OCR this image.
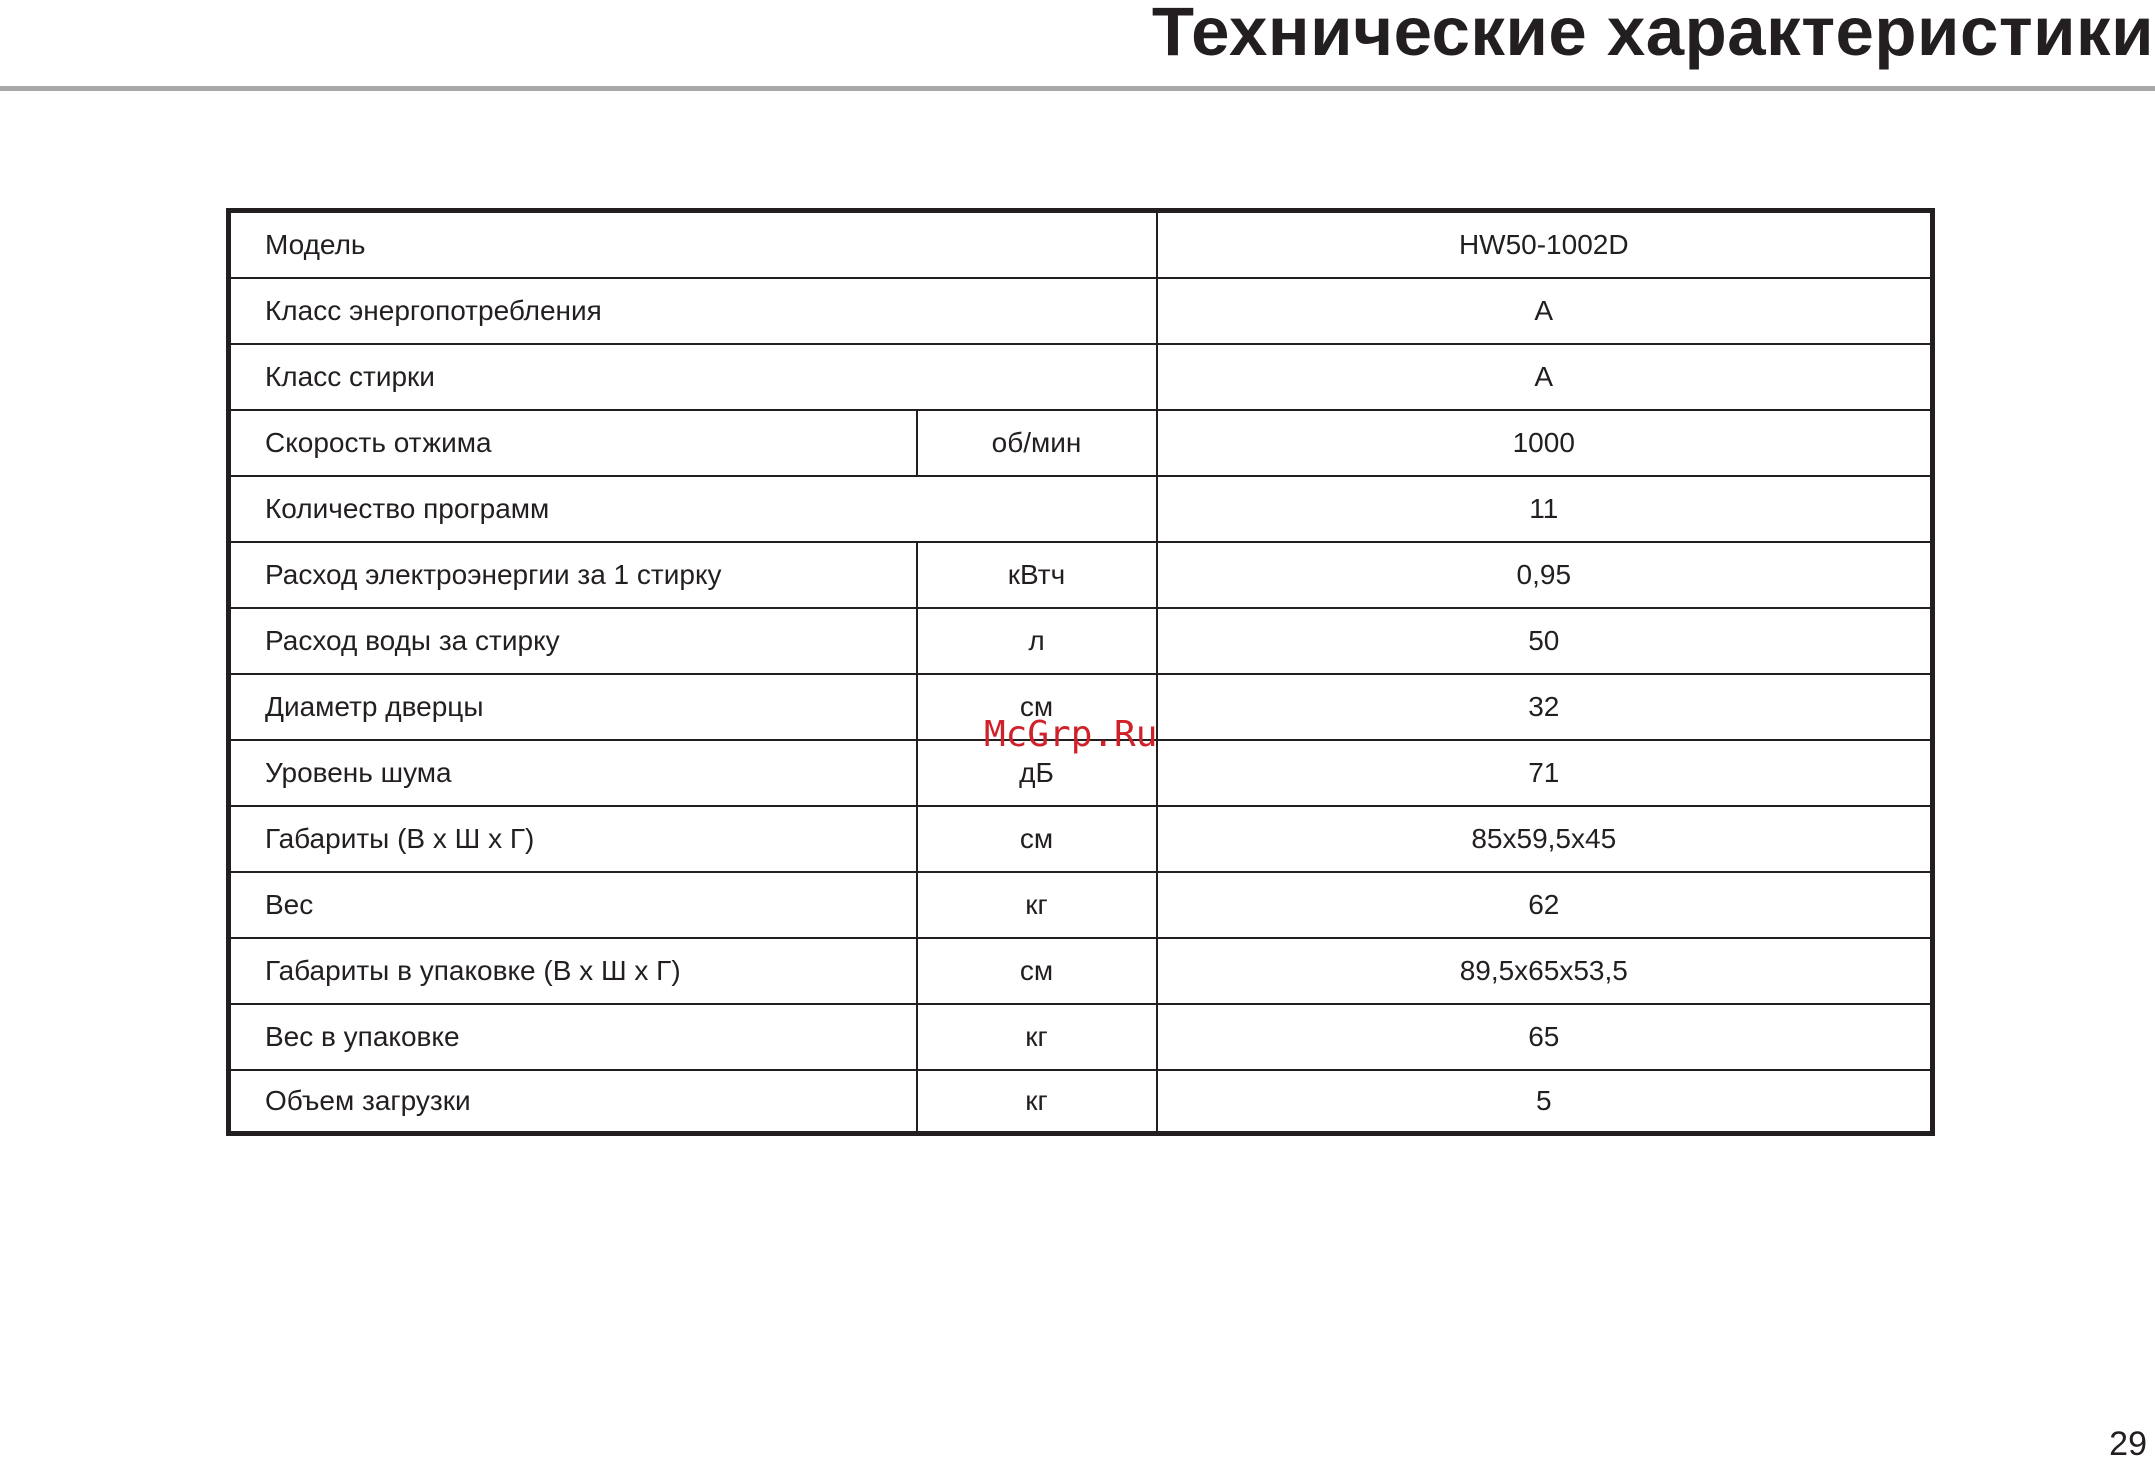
Технические характеристики
Модель		HW50-1002D
Класс энергопотребления		A
Класс стирки		A
Скорость отжима	об/мин	1000
Количество программ		11
Расход электроэнергии за 1 стирку	кВтч	0,95
Расход воды за стирку	л	50
Диаметр дверцы	см	32
Уровень шума	дБ	71
Габариты (В х Ш х Г)	см	85x59,5x45
Вес	кг	62
Габариты в упаковке (В х Ш х Г)	см	89,5x65x53,5
Вес в упаковке	кг	65
Объем загрузки	кг	5
McGrp.Ru
29
